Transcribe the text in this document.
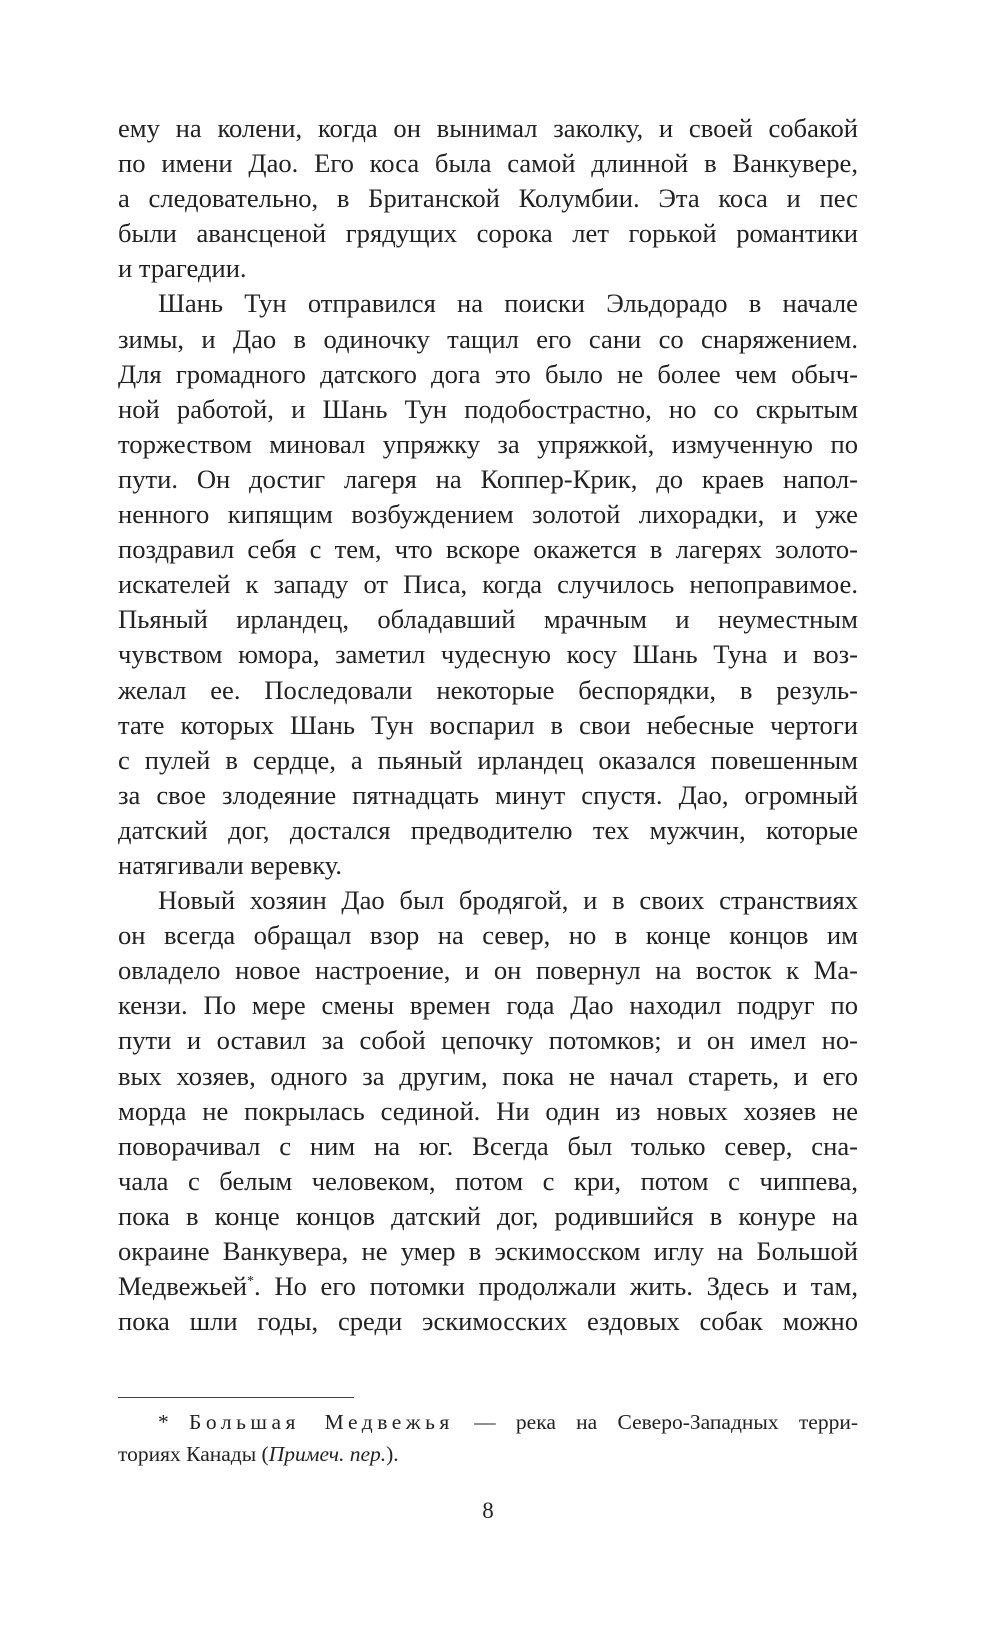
ему на колени, когда он вынимал заколку, и своей собакой
по имени Дао. Его коса была самой длинной в Ванкувере,
а следовательно, в Британской Колумбии. Эта коса и пес
были авансценой грядущих сорока лет горькой романтики
и трагедии.
Шань Тун отправился на поиски Эльдорадо в начале
зимы, и Дао в одиночку тащил его сани со снаряжением.
Для громадного датского дога это было не более чем обыч-
ной работой, и Шань Тун подобострастно, но со скрытым
торжеством миновал упряжку за упряжкой, измученную по
пути. Он достиг лагеря на Коппер-Крик, до краев напол-
ненного кипящим возбуждением золотой лихорадки, и уже
поздравил себя с тем, что вскоре окажется в лагерях золото-
искателей к западу от Писа, когда случилось непоправимое.
Пьяный ирландец, обладавший мрачным и неуместным
чувством юмора, заметил чудесную косу Шань Туна и воз-
желал ее. Последовали некоторые беспорядки, в резуль-
тате которых Шань Тун воспарил в свои небесные чертоги
с пулей в сердце, а пьяный ирландец оказался повешенным
за свое злодеяние пятнадцать минут спустя. Дао, огромный
датский дог, достался предводителю тех мужчин, которые
натягивали веревку.
Новый хозяин Дао был бродягой, и в своих странствиях
он всегда обращал взор на север, но в конце концов им
овладело новое настроение, и он повернул на восток к Ма-
кензи. По мере смены времен года Дао находил подруг по
пути и оставил за собой цепочку потомков; и он имел но-
вых хозяев, одного за другим, пока не начал стареть, и его
морда не покрылась сединой. Ни один из новых хозяев не
поворачивал с ним на юг. Всегда был только север, сна-
чала с белым человеком, потом с кри, потом с чиппева,
пока в конце концов датский дог, родившийся в конуре на
окраине Ванкувера, не умер в эскимосском иглу на Большой
Медвежьей*. Но его потомки продолжали жить. Здесь и там,
пока шли годы, среди эскимосских ездовых собак можно
* Большая Медвежья — река на Северо-Западных терри-
ториях Канады (Примеч. пер.).
8
